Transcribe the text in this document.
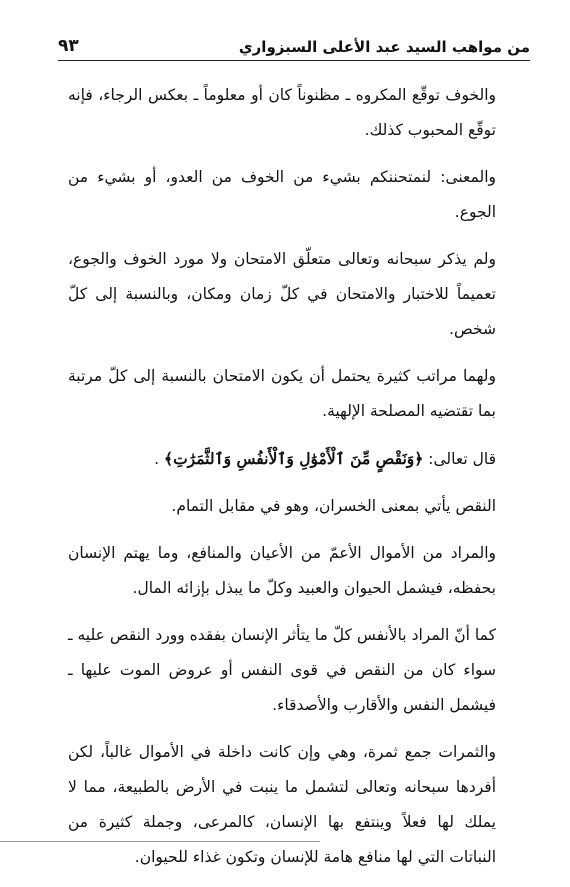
من مواهب السيد عبد الأعلى السبزواري
٩٣

والخوف توقّع المكروه ـ مظنوناً كان أو معلوماً ـ بعكس الرجاء، فإنه توقّع المحبوب كذلك.

والمعنى: لنمتحننكم بشيء من الخوف من العدو، أو بشيء من الجوع.

ولم يذكر سبحانه وتعالى متعلّق الامتحان ولا مورد الخوف والجوع، تعميماً للاختبار والامتحان في كلّ زمان ومكان، وبالنسبة إلى كلّ شخص.

ولهما مراتب كثيرة يحتمل أن يكون الامتحان بالنسبة إلى كلّ مرتبة بما تقتضيه المصلحة الإلهية.

قال تعالى: ﴿وَنَقْصٍ مِّنَ ٱلْأَمْوَٰلِ وَٱلْأَنفُسِ وَٱلثَّمَرَٰتِ﴾ .

النقص يأتي بمعنى الخسران، وهو في مقابل التمام.

والمراد من الأموال الأعمّ من الأعيان والمنافع، وما يهتم الإنسان بحفظه، فيشمل الحيوان والعبيد وكلّ ما يبذل بإزائه المال.

كما أنّ المراد بالأنفس كلّ ما يتأثر الإنسان بفقده وورد النقص عليه ـ سواء كان من النقص في قوى النفس أو عروض الموت عليها ـ فيشمل النفس والأقارب والأصدقاء.

والثمرات جمع ثمرة، وهي وإن كانت داخلة في الأموال غالباً، لكن أفردها سبحانه وتعالى لتشمل ما ينبت في الأرض بالطبيعة، مما لا يملك لها فعلاً وينتفع بها الإنسان، كالمرعى، وجملة كثيرة من النباتات التي لها منافع هامة للإنسان وتكون غذاء للحيوان.
